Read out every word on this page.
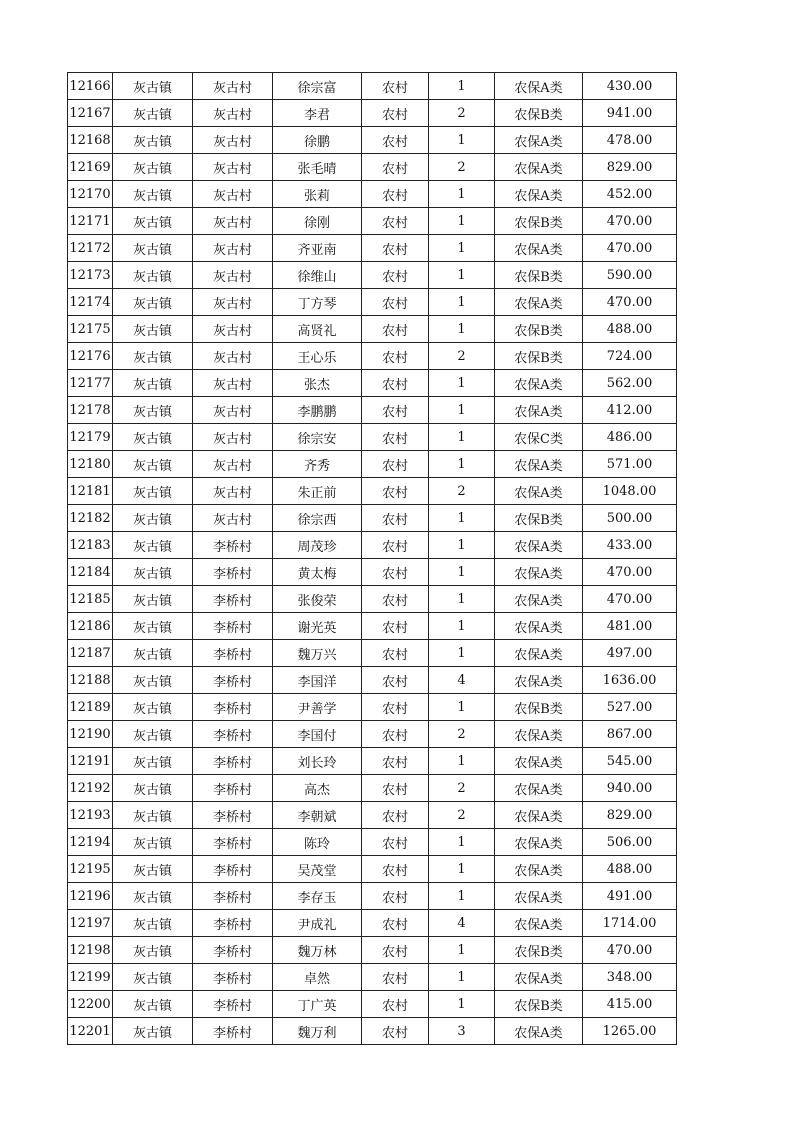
12166	灰古镇	灰古村	徐宗富	农村	1	农保A类	430.00
12167	灰古镇	灰古村	李君	农村	2	农保B类	941.00
12168	灰古镇	灰古村	徐鹏	农村	1	农保A类	478.00
12169	灰古镇	灰古村	张毛晴	农村	2	农保A类	829.00
12170	灰古镇	灰古村	张莉	农村	1	农保A类	452.00
12171	灰古镇	灰古村	徐刚	农村	1	农保B类	470.00
12172	灰古镇	灰古村	齐亚南	农村	1	农保A类	470.00
12173	灰古镇	灰古村	徐维山	农村	1	农保B类	590.00
12174	灰古镇	灰古村	丁方琴	农村	1	农保A类	470.00
12175	灰古镇	灰古村	高贤礼	农村	1	农保B类	488.00
12176	灰古镇	灰古村	王心乐	农村	2	农保B类	724.00
12177	灰古镇	灰古村	张杰	农村	1	农保A类	562.00
12178	灰古镇	灰古村	李鹏鹏	农村	1	农保A类	412.00
12179	灰古镇	灰古村	徐宗安	农村	1	农保C类	486.00
12180	灰古镇	灰古村	齐秀	农村	1	农保A类	571.00
12181	灰古镇	灰古村	朱正前	农村	2	农保A类	1048.00
12182	灰古镇	灰古村	徐宗西	农村	1	农保B类	500.00
12183	灰古镇	李桥村	周茂珍	农村	1	农保A类	433.00
12184	灰古镇	李桥村	黄太梅	农村	1	农保A类	470.00
12185	灰古镇	李桥村	张俊荣	农村	1	农保A类	470.00
12186	灰古镇	李桥村	谢光英	农村	1	农保A类	481.00
12187	灰古镇	李桥村	魏万兴	农村	1	农保A类	497.00
12188	灰古镇	李桥村	李国洋	农村	4	农保A类	1636.00
12189	灰古镇	李桥村	尹善学	农村	1	农保B类	527.00
12190	灰古镇	李桥村	李国付	农村	2	农保A类	867.00
12191	灰古镇	李桥村	刘长玲	农村	1	农保A类	545.00
12192	灰古镇	李桥村	高杰	农村	2	农保A类	940.00
12193	灰古镇	李桥村	李朝斌	农村	2	农保A类	829.00
12194	灰古镇	李桥村	陈玲	农村	1	农保A类	506.00
12195	灰古镇	李桥村	吴茂堂	农村	1	农保A类	488.00
12196	灰古镇	李桥村	李存玉	农村	1	农保A类	491.00
12197	灰古镇	李桥村	尹成礼	农村	4	农保A类	1714.00
12198	灰古镇	李桥村	魏万林	农村	1	农保B类	470.00
12199	灰古镇	李桥村	卓然	农村	1	农保A类	348.00
12200	灰古镇	李桥村	丁广英	农村	1	农保B类	415.00
12201	灰古镇	李桥村	魏万利	农村	3	农保A类	1265.00
